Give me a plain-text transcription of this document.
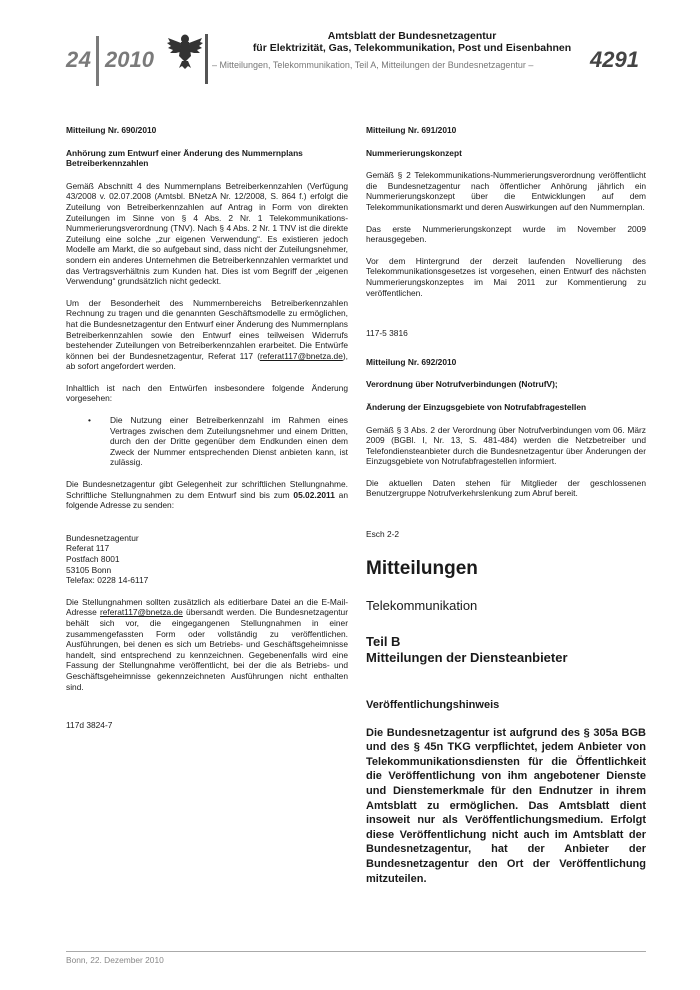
24 2010
Amtsblatt der Bundesnetzagentur
für Elektrizität, Gas, Telekommunikation, Post und Eisenbahnen
– Mitteilungen, Telekommunikation, Teil A, Mitteilungen der Bundesnetzagentur –	4291
Mitteilung Nr. 690/2010
Anhörung zum Entwurf einer Änderung des Nummernplans Betreiberkennzahlen

Gemäß Abschnitt 4 des Nummernplans Betreiberkennzahlen (Verfügung 43/2008 v. 02.07.2008 (Amtsbl. BNetzA Nr. 12/2008, S. 864 f.) erfolgt die Zuteilung von Betreiberkennzahlen auf Antrag in Form von direkten Zuteilungen im Sinne von § 4 Abs. 2 Nr. 1 Telekommunikations-Nummerierungsverordnung (TNV). Nach § 4 Abs. 2 Nr. 1 TNV ist die direkte Zuteilung eine solche „zur eigenen Verwendung“. Es existieren jedoch Modelle am Markt, die so aufgebaut sind, dass nicht der Zuteilungsnehmer, sondern ein anderes Unternehmen die Betreiberkennzahlen vermarktet und das Vertragsverhältnis zum Kunden hat. Dies ist vom Begriff der „eigenen Verwendung“ grundsätzlich nicht gedeckt.

Um der Besonderheit des Nummernbereichs Betreiberkennzahlen Rechnung zu tragen und die genannten Geschäftsmodelle zu ermöglichen, hat die Bundesnetzagentur den Entwurf einer Änderung des Nummernplans Betreiberkennzahlen sowie den Entwurf eines teilweisen Widerrufs bestehender Zuteilungen von Betreiberkennzahlen erarbeitet. Die Entwürfe können bei der Bundesnetzagentur, Referat 117 (referat117@bnetza.de), ab sofort angefordert werden.

Inhaltlich ist nach den Entwürfen insbesondere folgende Änderung vorgesehen:

•	Die Nutzung einer Betreiberkennzahl im Rahmen eines Vertrages zwischen dem Zuteilungsnehmer und einem Dritten, durch den der Dritte gegenüber dem Endkunden einen dem Zweck der Nummer entsprechenden Dienst anbieten kann, ist zulässig.

Die Bundesnetzagentur gibt Gelegenheit zur schriftlichen Stellungnahme. Schriftliche Stellungnahmen zu dem Entwurf sind bis zum 05.02.2011 an folgende Adresse zu senden:

Bundesnetzagentur
Referat 117
Postfach 8001
53105 Bonn
Telefax: 0228 14-6117

Die Stellungnahmen sollten zusätzlich als editierbare Datei an die E-Mail-Adresse referat117@bnetza.de übersandt werden. Die Bundesnetzagentur behält sich vor, die eingegangenen Stellungnahmen in einer zusammengefassten Form oder vollständig zu veröffentlichen. Ausführungen, bei denen es sich um Betriebs- und Geschäftsgeheimnisse handelt, sind entsprechend zu kennzeichnen. Gegebenenfalls wird eine Fassung der Stellungnahme veröffentlicht, bei der die als Betriebs- und Geschäftsgeheimnisse gekennzeichneten Ausführungen nicht enthalten sind.

117d 3824-7

Mitteilung Nr. 691/2010
Nummerierungskonzept

Gemäß § 2 Telekommunikations-Nummerierungsverordnung veröffentlicht die Bundesnetzagentur nach öffentlicher Anhörung jährlich ein Nummerierungskonzept über die Entwicklungen auf dem Telekommunikationsmarkt und deren Auswirkungen auf den Nummernplan.

Das erste Nummerierungskonzept wurde im November 2009 herausgegeben.

Vor dem Hintergrund der derzeit laufenden Novellierung des Telekommunikationsgesetzes ist vorgesehen, einen Entwurf des nächsten Nummerierungskonzeptes im Mai 2011 zur Kommentierung zu veröffentlichen.

117-5 3816

Mitteilung Nr. 692/2010
Verordnung über Notrufverbindungen (NotrufV);
Änderung der Einzugsgebiete von Notrufabfragestellen

Gemäß § 3 Abs. 2 der Verordnung über Notrufverbindungen vom 06. März 2009 (BGBl. I, Nr. 13, S. 481-484) werden die Netzbetreiber und Telefondiensteanbieter durch die Bundesnetzagentur über Änderungen der Einzugsgebiete von Notrufabfragestellen informiert.

Die aktuellen Daten stehen für Mitglieder der geschlossenen Benutzergruppe Notrufverkehrslenkung zum Abruf bereit.

Esch 2-2

Mitteilungen
Telekommunikation
Teil B
Mitteilungen der Diensteanbieter
Veröffentlichungshinweis

Die Bundesnetzagentur ist aufgrund des § 305a BGB und des § 45n TKG verpflichtet, jedem Anbieter von Telekommunikationsdiensten für die Öffentlichkeit die Veröffentlichung von ihm angebotener Dienste und Dienstemerkmale für den Endnutzer in ihrem Amtsblatt zu ermöglichen. Das Amtsblatt dient insoweit nur als Veröffentlichungsmedium. Erfolgt diese Veröffentlichung nicht auch im Amtsblatt der Bundesnetzagentur, hat der Anbieter der Bundesnetzagentur den Ort der Veröffentlichung mitzuteilen.

Bonn, 22. Dezember 2010
